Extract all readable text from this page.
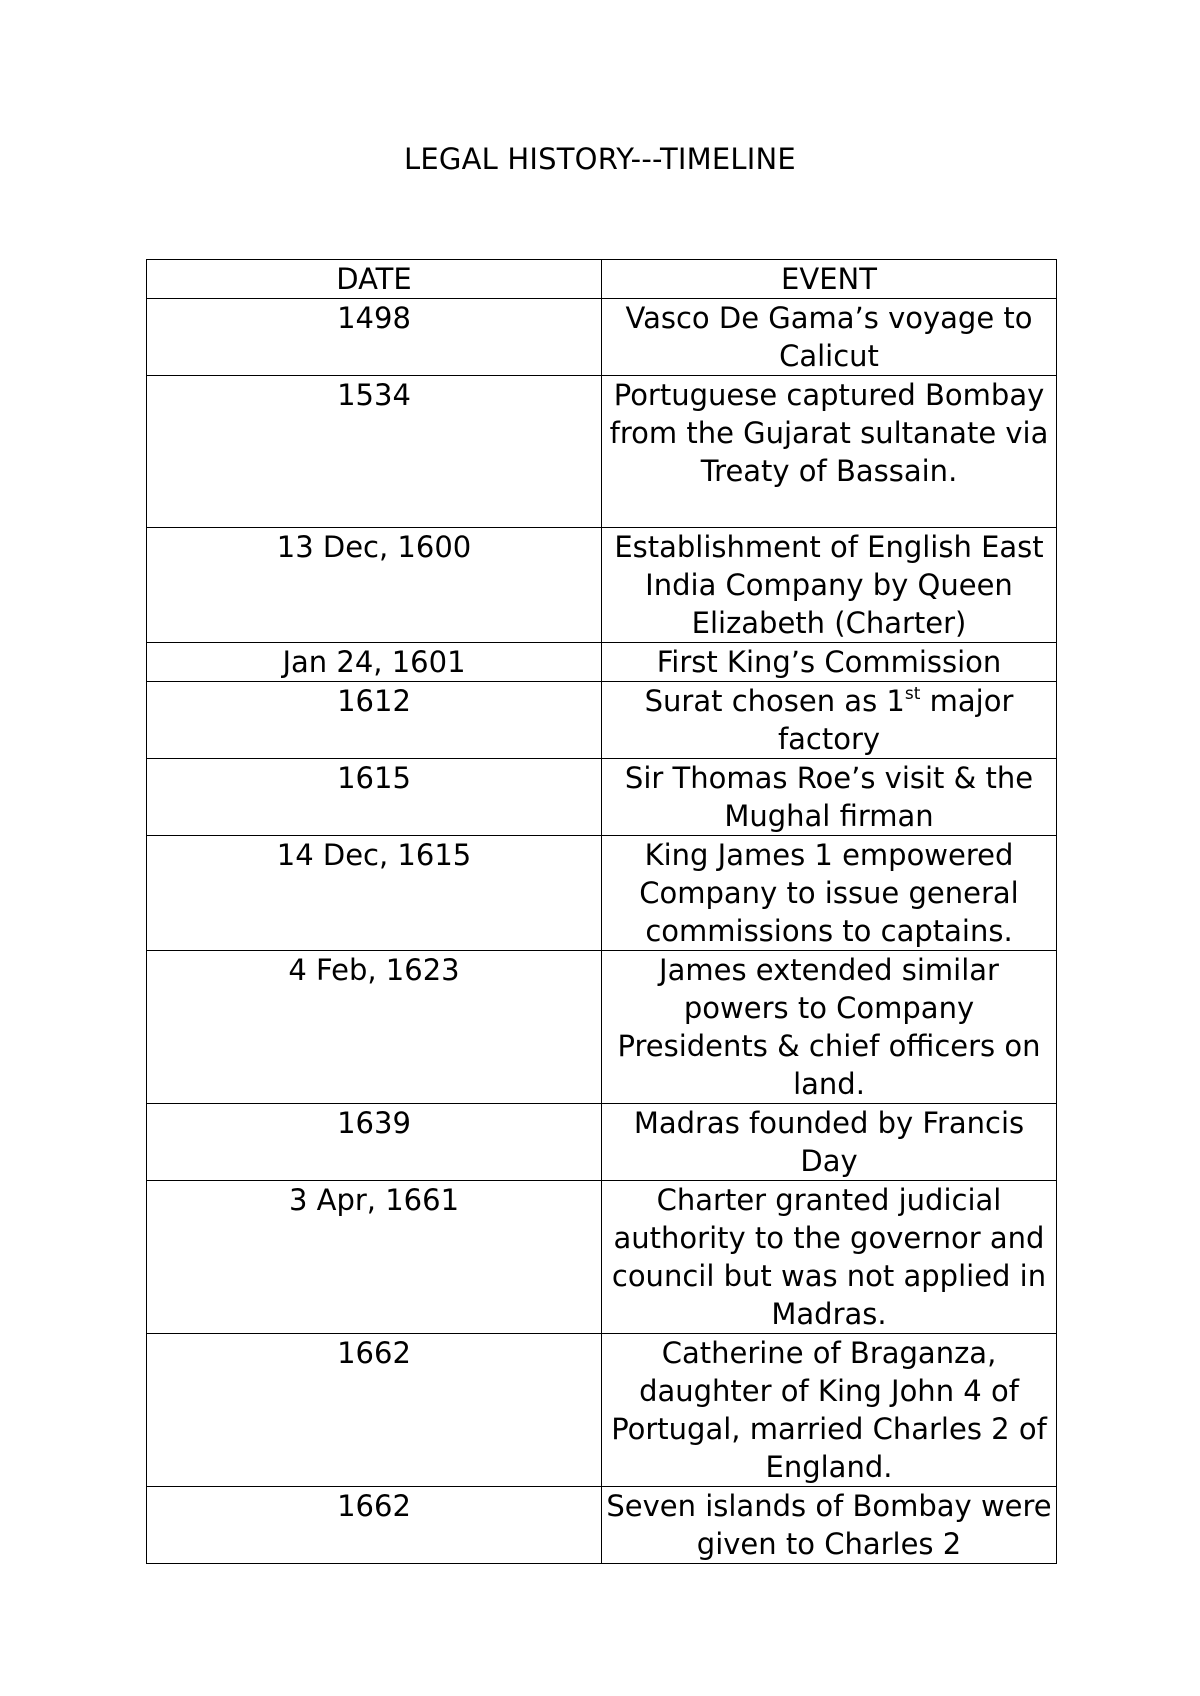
LEGAL HISTORY---TIMELINE
DATE	EVENT
1498	Vasco De Gama’s voyage to Calicut
1534	Portuguese captured Bombay from the Gujarat sultanate via Treaty of Bassain.
13 Dec, 1600	Establishment of English East India Company by Queen Elizabeth (Charter)
Jan 24, 1601	First King’s Commission
1612	Surat chosen as 1st major factory
1615	Sir Thomas Roe’s visit & the Mughal firman
14 Dec, 1615	King James 1 empowered Company to issue general commissions to captains.
4 Feb, 1623	James extended similar powers to Company Presidents & chief officers on land.
1639	Madras founded by Francis Day
3 Apr, 1661	Charter granted judicial authority to the governor and council but was not applied in Madras.
1662	Catherine of Braganza, daughter of King John 4 of Portugal, married Charles 2 of England.
1662	Seven islands of Bombay were given to Charles 2
